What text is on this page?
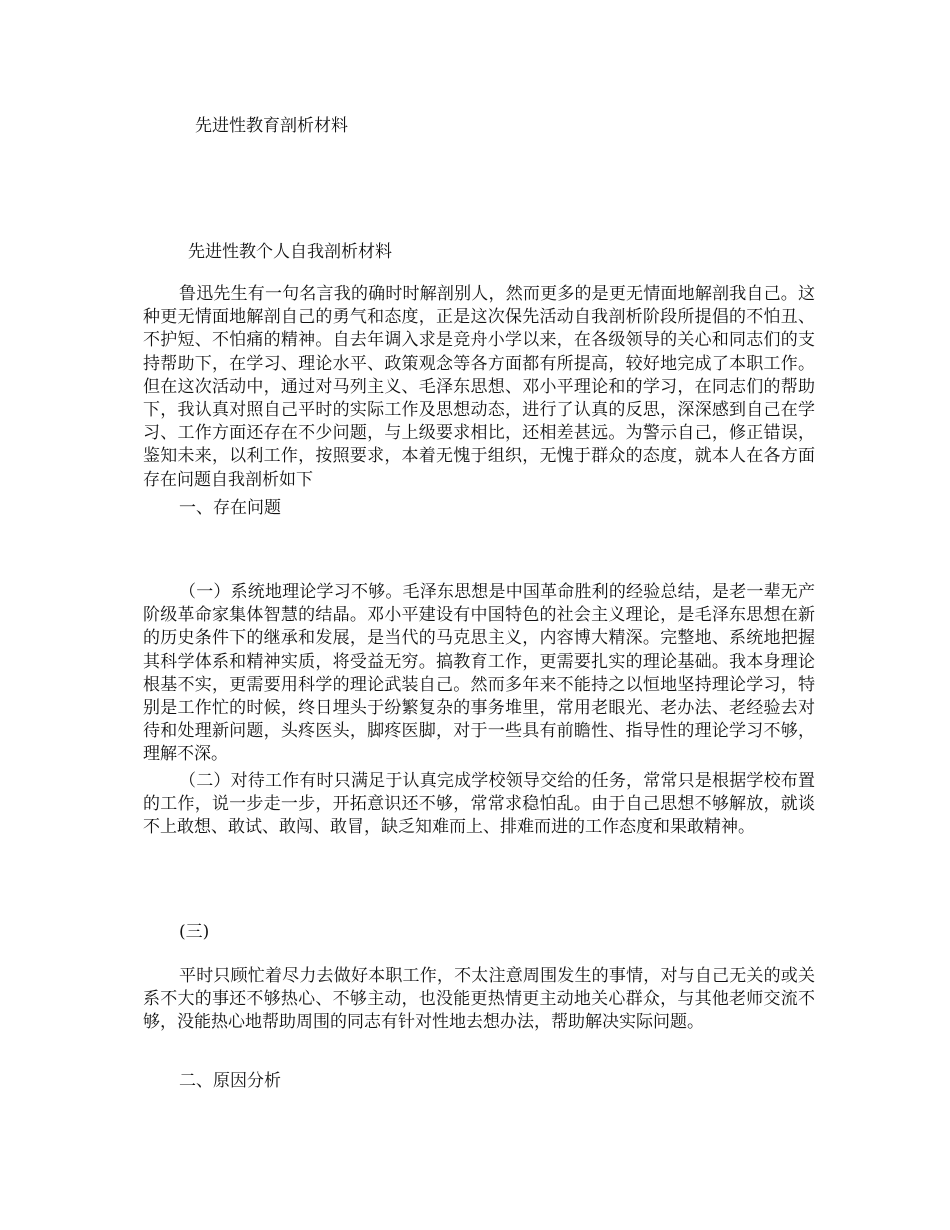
先进性教育剖析材料
先进性教个人自我剖析材料

鲁迅先生有一句名言我的确时时解剖别人，然而更多的是更无情面地解剖我自己。这种更无情面地解剖自己的勇气和态度，正是这次保先活动自我剖析阶段所提倡的不怕丑、不护短、不怕痛的精神。自去年调入求是竞舟小学以来，在各级领导的关心和同志们的支持帮助下，在学习、理论水平、政策观念等各方面都有所提高，较好地完成了本职工作。但在这次活动中，通过对马列主义、毛泽东思想、邓小平理论和的学习，在同志们的帮助下，我认真对照自己平时的实际工作及思想动态，进行了认真的反思，深深感到自己在学习、工作方面还存在不少问题，与上级要求相比，还相差甚远。为警示自己，修正错误，鉴知未来，以利工作，按照要求，本着无愧于组织，无愧于群众的态度，就本人在各方面存在问题自我剖析如下

一、存在问题

（一）系统地理论学习不够。毛泽东思想是中国革命胜利的经验总结，是老一辈无产阶级革命家集体智慧的结晶。邓小平建设有中国特色的社会主义理论，是毛泽东思想在新的历史条件下的继承和发展，是当代的马克思主义，内容博大精深。完整地、系统地把握其科学体系和精神实质，将受益无穷。搞教育工作，更需要扎实的理论基础。我本身理论根基不实，更需要用科学的理论武装自己。然而多年来不能持之以恒地坚持理论学习，特别是工作忙的时候，终日埋头于纷繁复杂的事务堆里，常用老眼光、老办法、老经验去对待和处理新问题，头疼医头，脚疼医脚，对于一些具有前瞻性、指导性的理论学习不够，理解不深。

（二）对待工作有时只满足于认真完成学校领导交给的任务，常常只是根据学校布置的工作，说一步走一步，开拓意识还不够，常常求稳怕乱。由于自己思想不够解放，就谈不上敢想、敢试、敢闯、敢冒，缺乏知难而上、排难而进的工作态度和果敢精神。

(三)

平时只顾忙着尽力去做好本职工作，不太注意周围发生的事情，对与自己无关的或关系不大的事还不够热心、不够主动，也没能更热情更主动地关心群众，与其他老师交流不够，没能热心地帮助周围的同志有针对性地去想办法，帮助解决实际问题。

二、原因分析
